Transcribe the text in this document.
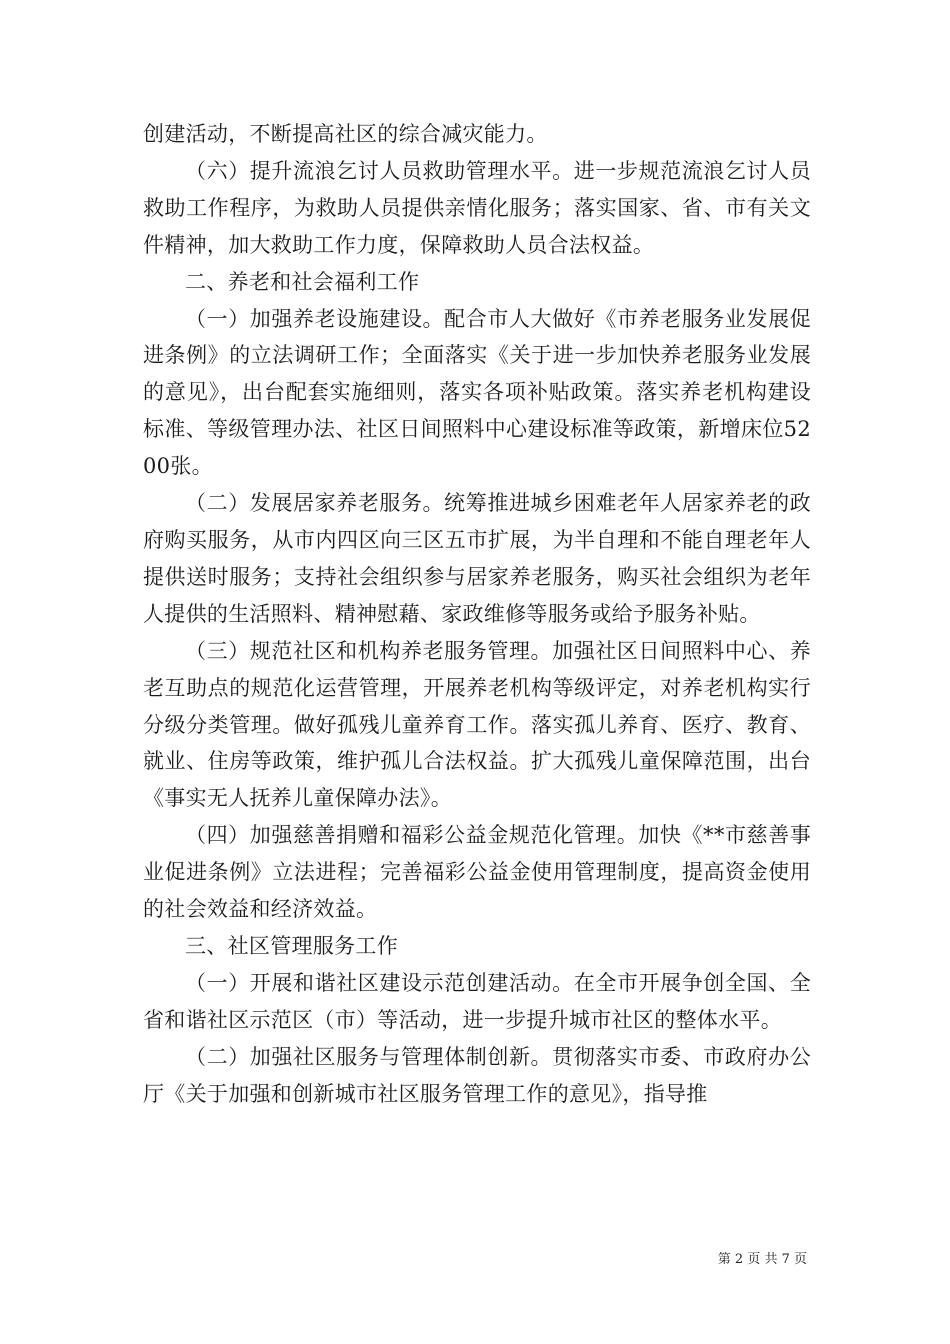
创建活动，不断提高社区的综合减灾能力。

（六）提升流浪乞讨人员救助管理水平。进一步规范流浪乞讨人员救助工作程序，为救助人员提供亲情化服务；落实国家、省、市有关文件精神，加大救助工作力度，保障救助人员合法权益。

二、养老和社会福利工作

（一）加强养老设施建设。配合市人大做好《市养老服务业发展促进条例》的立法调研工作；全面落实《关于进一步加快养老服务业发展的意见》，出台配套实施细则，落实各项补贴政策。落实养老机构建设标准、等级管理办法、社区日间照料中心建设标准等政策，新增床位5200张。

（二）发展居家养老服务。统筹推进城乡困难老年人居家养老的政府购买服务，从市内四区向三区五市扩展，为半自理和不能自理老年人提供送时服务；支持社会组织参与居家养老服务，购买社会组织为老年人提供的生活照料、精神慰藉、家政维修等服务或给予服务补贴。

（三）规范社区和机构养老服务管理。加强社区日间照料中心、养老互助点的规范化运营管理，开展养老机构等级评定，对养老机构实行分级分类管理。做好孤残儿童养育工作。落实孤儿养育、医疗、教育、就业、住房等政策，维护孤儿合法权益。扩大孤残儿童保障范围，出台《事实无人抚养儿童保障办法》。

（四）加强慈善捐赠和福彩公益金规范化管理。加快《**市慈善事业促进条例》立法进程；完善福彩公益金使用管理制度，提高资金使用的社会效益和经济效益。

三、社区管理服务工作

（一）开展和谐社区建设示范创建活动。在全市开展争创全国、全省和谐社区示范区（市）等活动，进一步提升城市社区的整体水平。

（二）加强社区服务与管理体制创新。贯彻落实市委、市政府办公厅《关于加强和创新城市社区服务管理工作的意见》，指导推

第 2 页 共 7 页
